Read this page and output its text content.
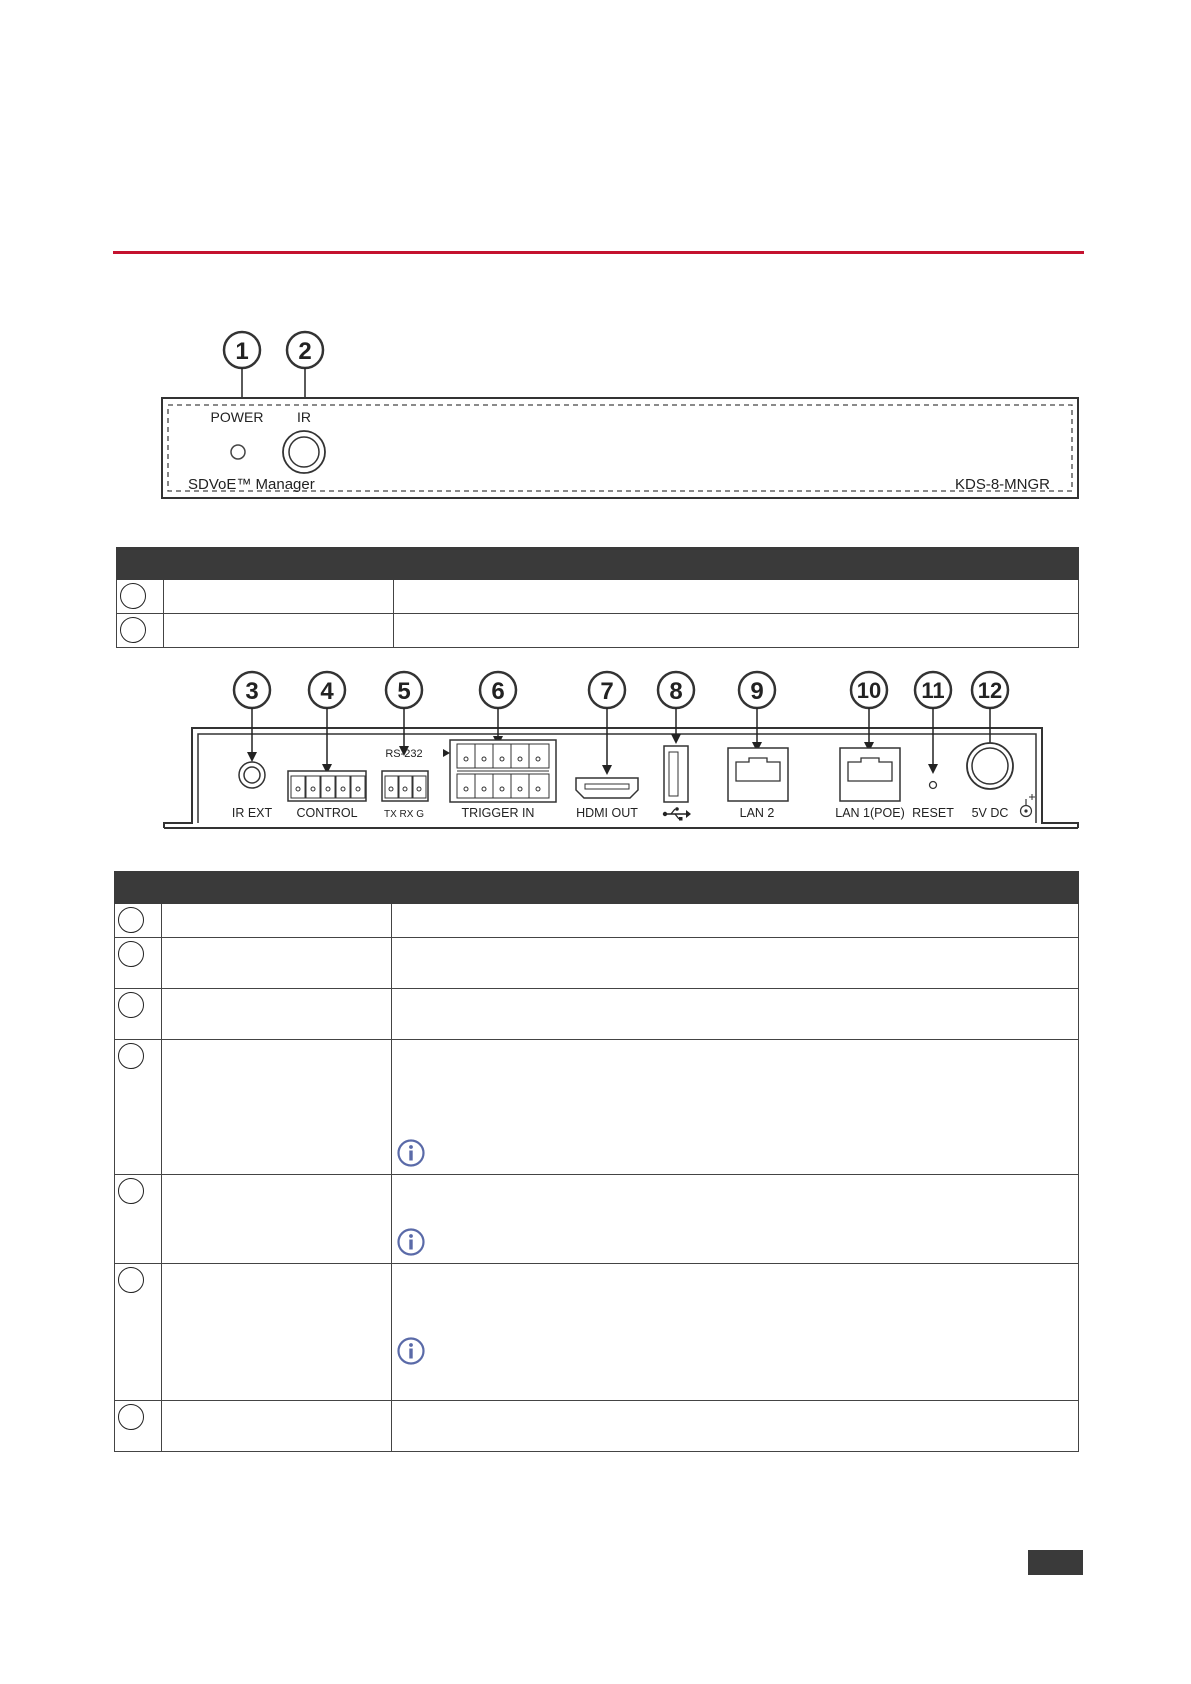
1 2
POWER IR
SDVoE™ Manager	KDS-8-MNGR

3	4	5	6	7 8	9	10 11 12
IR EXT CONTROL
RS-232
TX RX G	TRIGGER IN	HDMI OUT	LAN 2	LAN 1(POE) RESET 5V DC
